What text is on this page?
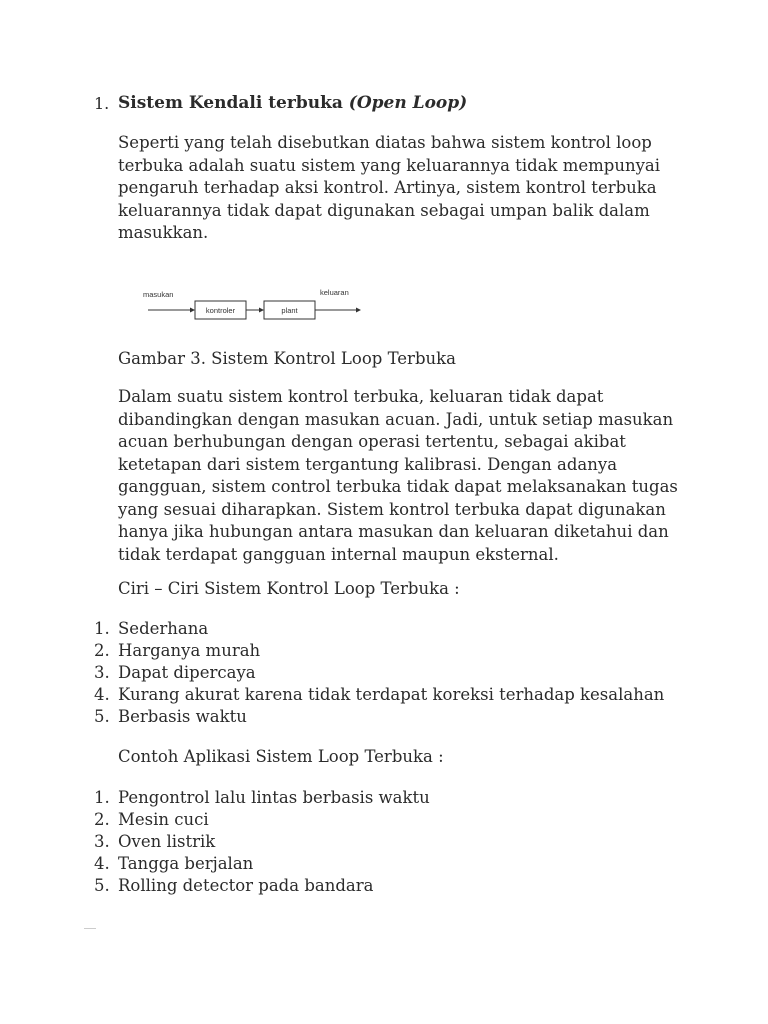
1. Sistem Kendali terbuka (Open Loop)
Seperti yang telah disebutkan diatas bahwa sistem kontrol loop terbuka adalah suatu sistem yang keluarannya tidak mempunyai pengaruh terhadap aksi kontrol. Artinya, sistem kontrol terbuka keluarannya tidak dapat digunakan sebagai umpan balik dalam masukkan.
masukan	keluaran
kontroler	plant
Gambar 3. Sistem Kontrol Loop Terbuka
Dalam suatu sistem kontrol terbuka, keluaran tidak dapat dibandingkan dengan masukan acuan. Jadi, untuk setiap masukan acuan berhubungan dengan operasi tertentu, sebagai akibat ketetapan dari sistem tergantung kalibrasi. Dengan adanya gangguan, sistem control terbuka tidak dapat melaksanakan tugas yang sesuai diharapkan. Sistem kontrol terbuka dapat digunakan hanya jika hubungan antara masukan dan keluaran diketahui dan tidak terdapat gangguan internal maupun eksternal.
Ciri – Ciri Sistem Kontrol Loop Terbuka :
1. Sederhana
2. Harganya murah
3. Dapat dipercaya
4. Kurang akurat karena tidak terdapat koreksi terhadap kesalahan
5. Berbasis waktu
Contoh Aplikasi Sistem Loop Terbuka :
1. Pengontrol lalu lintas berbasis waktu
2. Mesin cuci
3. Oven listrik
4. Tangga berjalan
5. Rolling detector pada bandara
